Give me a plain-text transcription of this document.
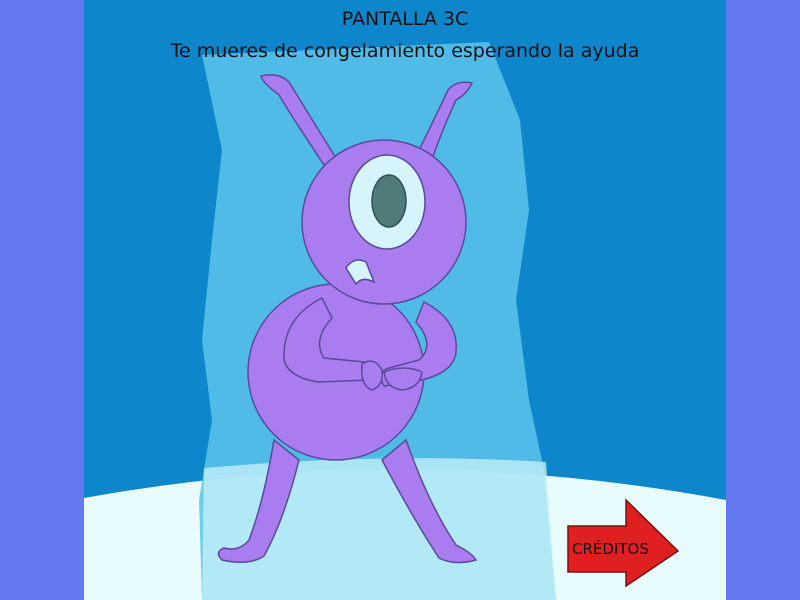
PANTALLA 3C
Te mueres de congelamiento esperando la ayuda
CRÉDITOS
